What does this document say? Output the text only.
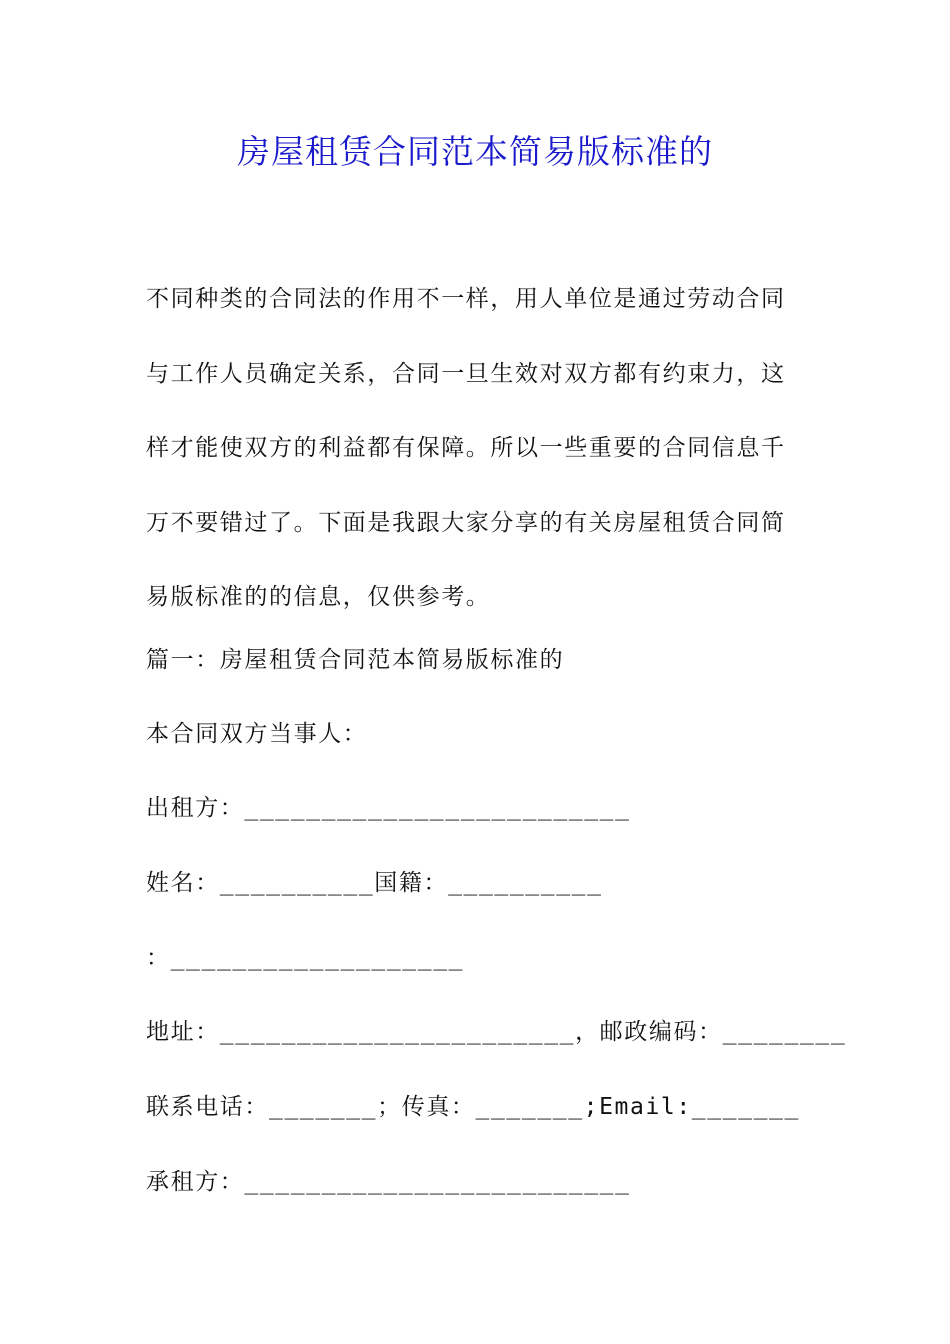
房屋租赁合同范本简易版标准的
不同种类的合同法的作用不一样，用人单位是通过劳动合同与工作人员确定关系，合同一旦生效对双方都有约束力，这样才能使双方的利益都有保障。所以一些重要的合同信息千万不要错过了。下面是我跟大家分享的有关房屋租赁合同简易版标准的的信息，仅供参考。
篇一：房屋租赁合同范本简易版标准的
本合同双方当事人：
出租方：_________________________
姓名：__________国籍：__________
：___________________
地址：_______________________，邮政编码：________
联系电话：_______；传真：_______;Email:_______
承租方：_________________________
